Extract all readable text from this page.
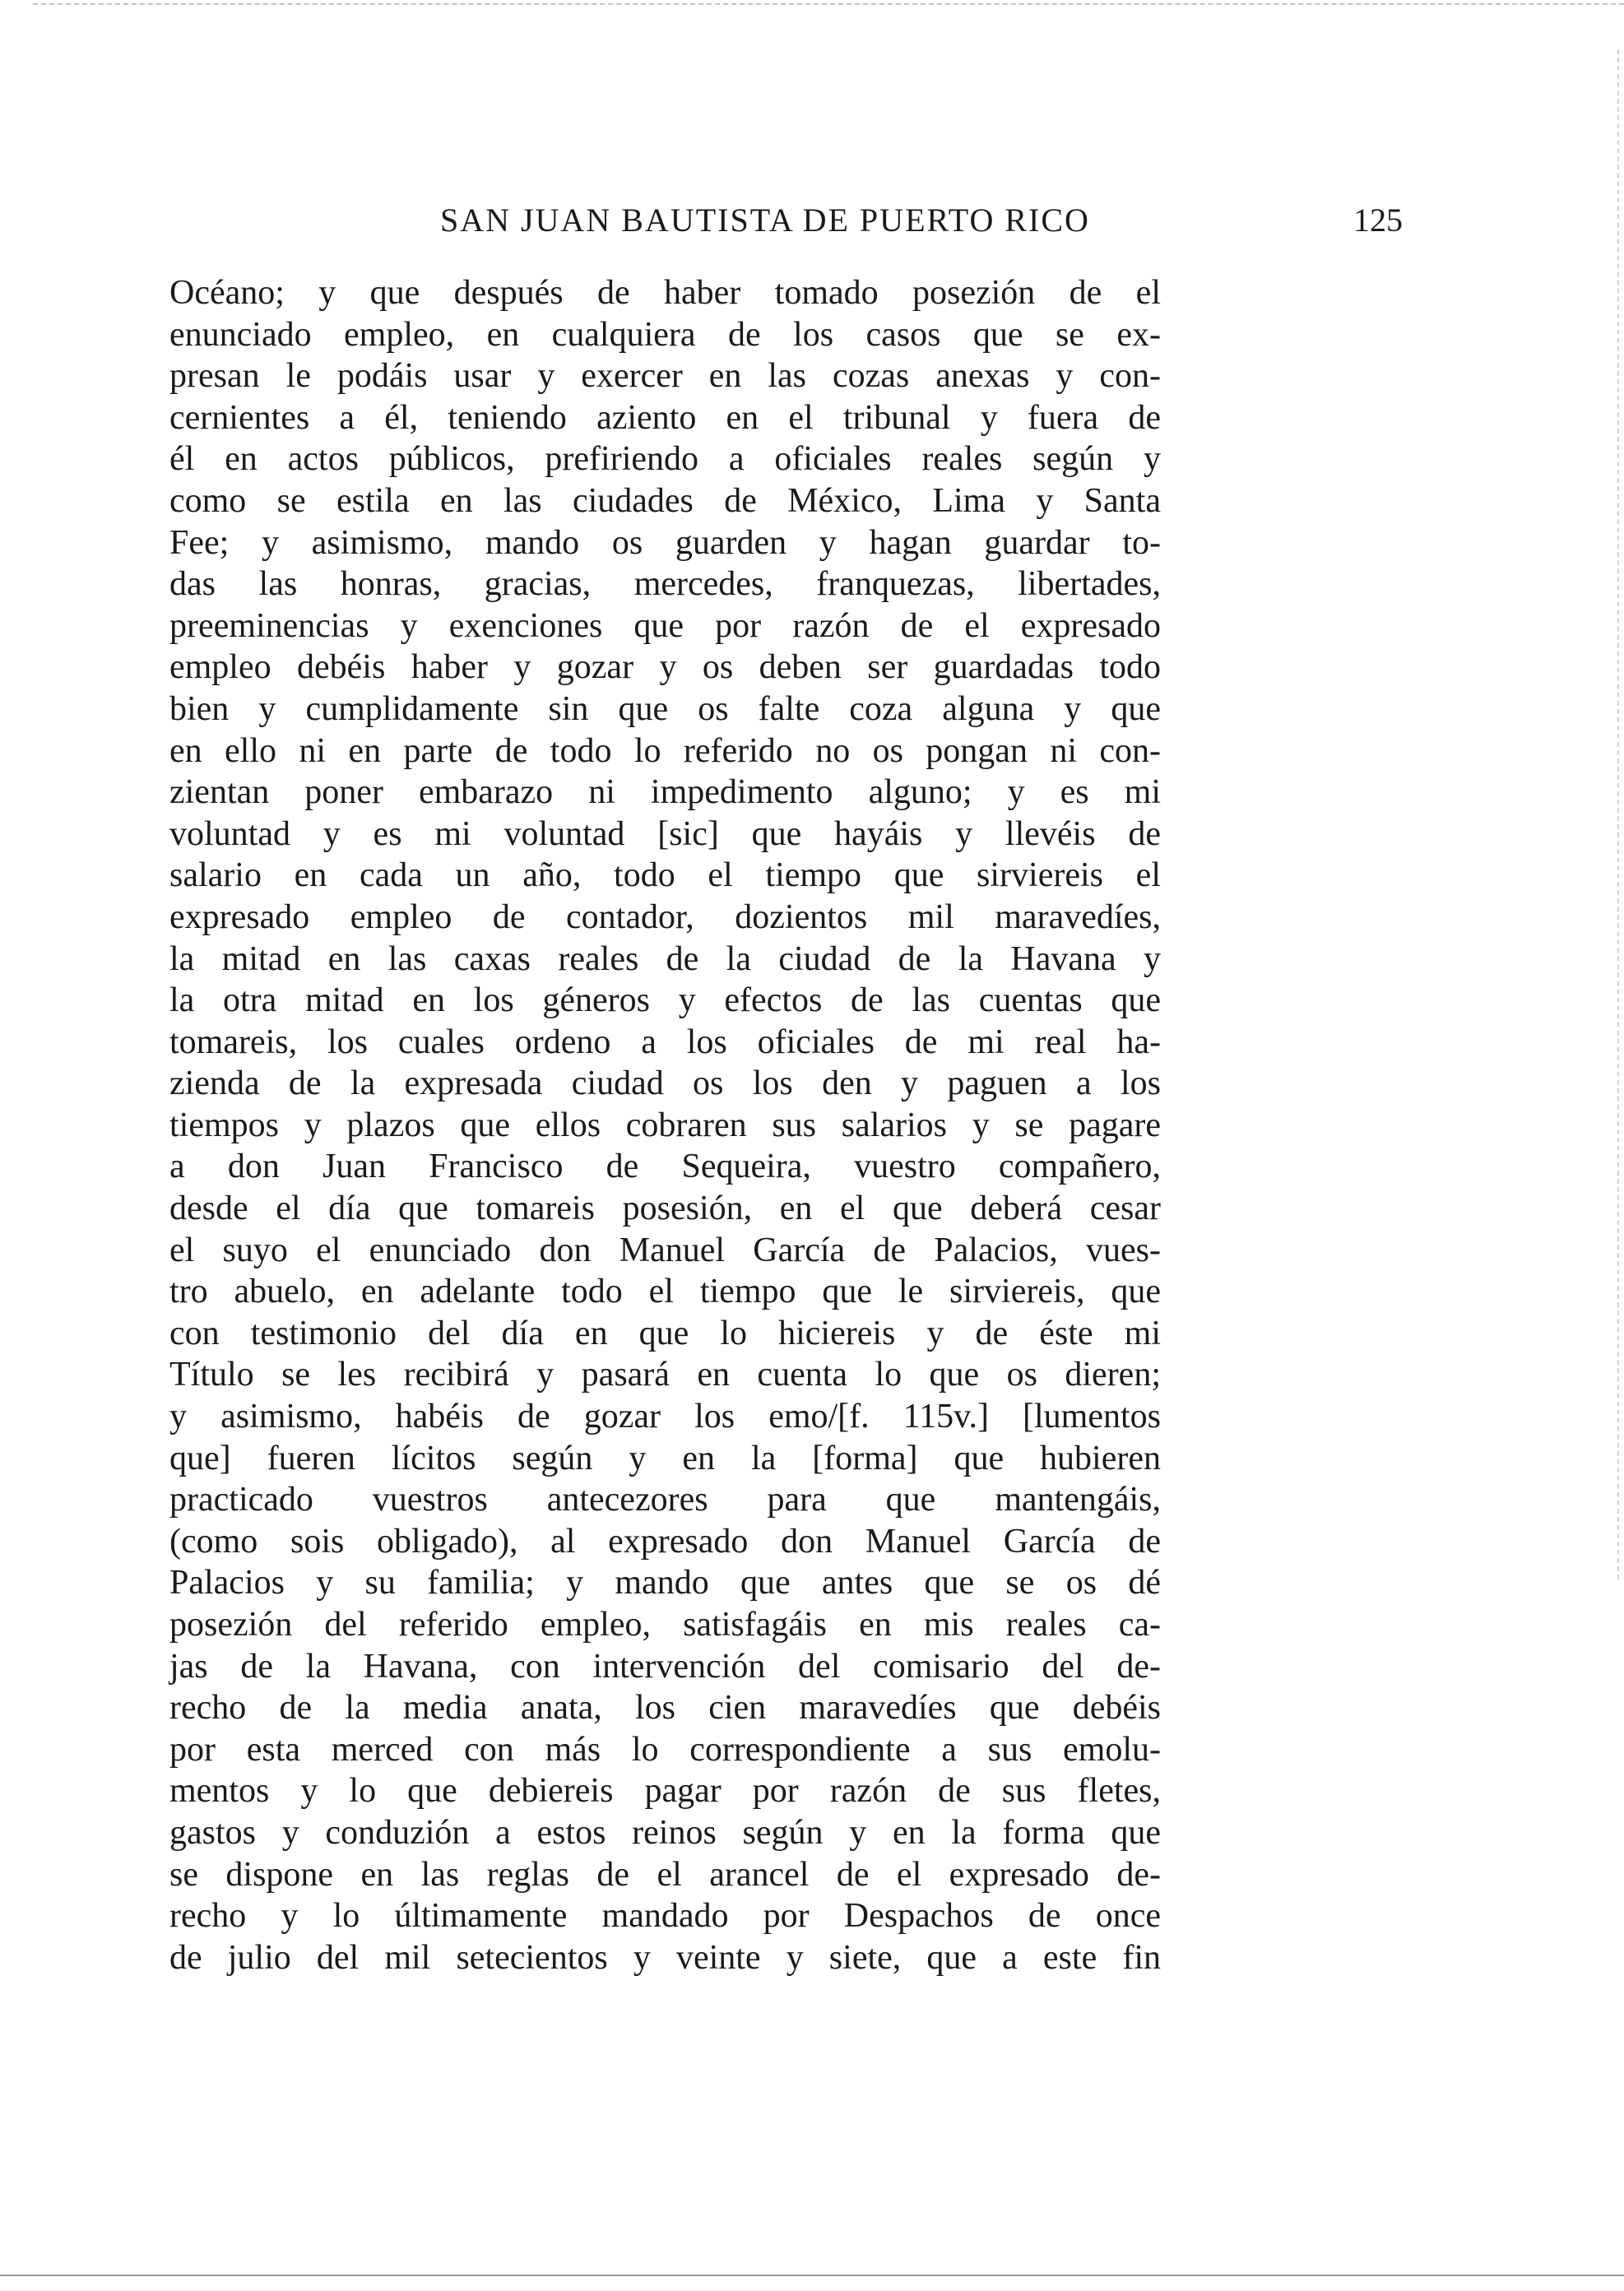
SAN JUAN BAUTISTA DE PUERTO RICO	125
Océano; y que después de haber tomado posezión de el
enunciado empleo, en cualquiera de los casos que se ex-
presan le podáis usar y exercer en las cozas anexas y con-
cernientes a él, teniendo aziento en el tribunal y fuera de
él en actos públicos, prefiriendo a oficiales reales según y
como se estila en las ciudades de México, Lima y Santa
Fee; y asimismo, mando os guarden y hagan guardar to-
das las honras, gracias, mercedes, franquezas, libertades,
preeminencias y exenciones que por razón de el expresado
empleo debéis haber y gozar y os deben ser guardadas todo
bien y cumplidamente sin que os falte coza alguna y que
en ello ni en parte de todo lo referido no os pongan ni con-
zientan poner embarazo ni impedimento alguno; y es mi
voluntad y es mi voluntad [sic] que hayáis y llevéis de
salario en cada un año, todo el tiempo que sirviereis el
expresado empleo de contador, dozientos mil maravedíes,
la mitad en las caxas reales de la ciudad de la Havana y
la otra mitad en los géneros y efectos de las cuentas que
tomareis, los cuales ordeno a los oficiales de mi real ha-
zienda de la expresada ciudad os los den y paguen a los
tiempos y plazos que ellos cobraren sus salarios y se pagare
a don Juan Francisco de Sequeira, vuestro compañero,
desde el día que tomareis posesión, en el que deberá cesar
el suyo el enunciado don Manuel García de Palacios, vues-
tro abuelo, en adelante todo el tiempo que le sirviereis, que
con testimonio del día en que lo hiciereis y de éste mi
Título se les recibirá y pasará en cuenta lo que os dieren;
y asimismo, habéis de gozar los emo/[f. 115v.] [lumentos
que] fueren lícitos según y en la [forma] que hubieren
practicado vuestros antecezores para que mantengáis,
(como sois obligado), al expresado don Manuel García de
Palacios y su familia; y mando que antes que se os dé
posezión del referido empleo, satisfagáis en mis reales ca-
jas de la Havana, con intervención del comisario del de-
recho de la media anata, los cien maravedíes que debéis
por esta merced con más lo correspondiente a sus emolu-
mentos y lo que debiereis pagar por razón de sus fletes,
gastos y conduzión a estos reinos según y en la forma que
se dispone en las reglas de el arancel de el expresado de-
recho y lo últimamente mandado por Despachos de once
de julio del mil setecientos y veinte y siete, que a este fin
